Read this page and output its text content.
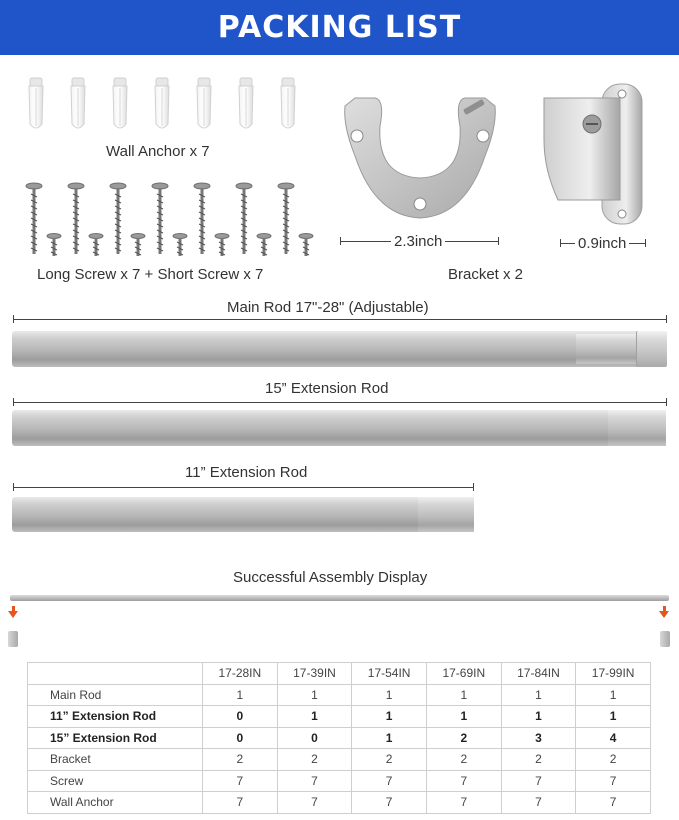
PACKING LIST
Wall Anchor x 7
Long Screw x 7 + Short Screw x 7
2.3inch	0.9inch
Bracket x 2
Main Rod 17"-28" (Adjustable)
15” Extension Rod
11” Extension Rod
Successful Assembly Display
	17-28IN	17-39IN	17-54IN	17-69IN	17-84IN	17-99IN
Main Rod	1	1	1	1	1	1
11” Extension Rod	0	1	1	1	1	1
15” Extension Rod	0	0	1	2	3	4
Bracket	2	2	2	2	2	2
Screw	7	7	7	7	7	7
Wall Anchor	7	7	7	7	7	7
